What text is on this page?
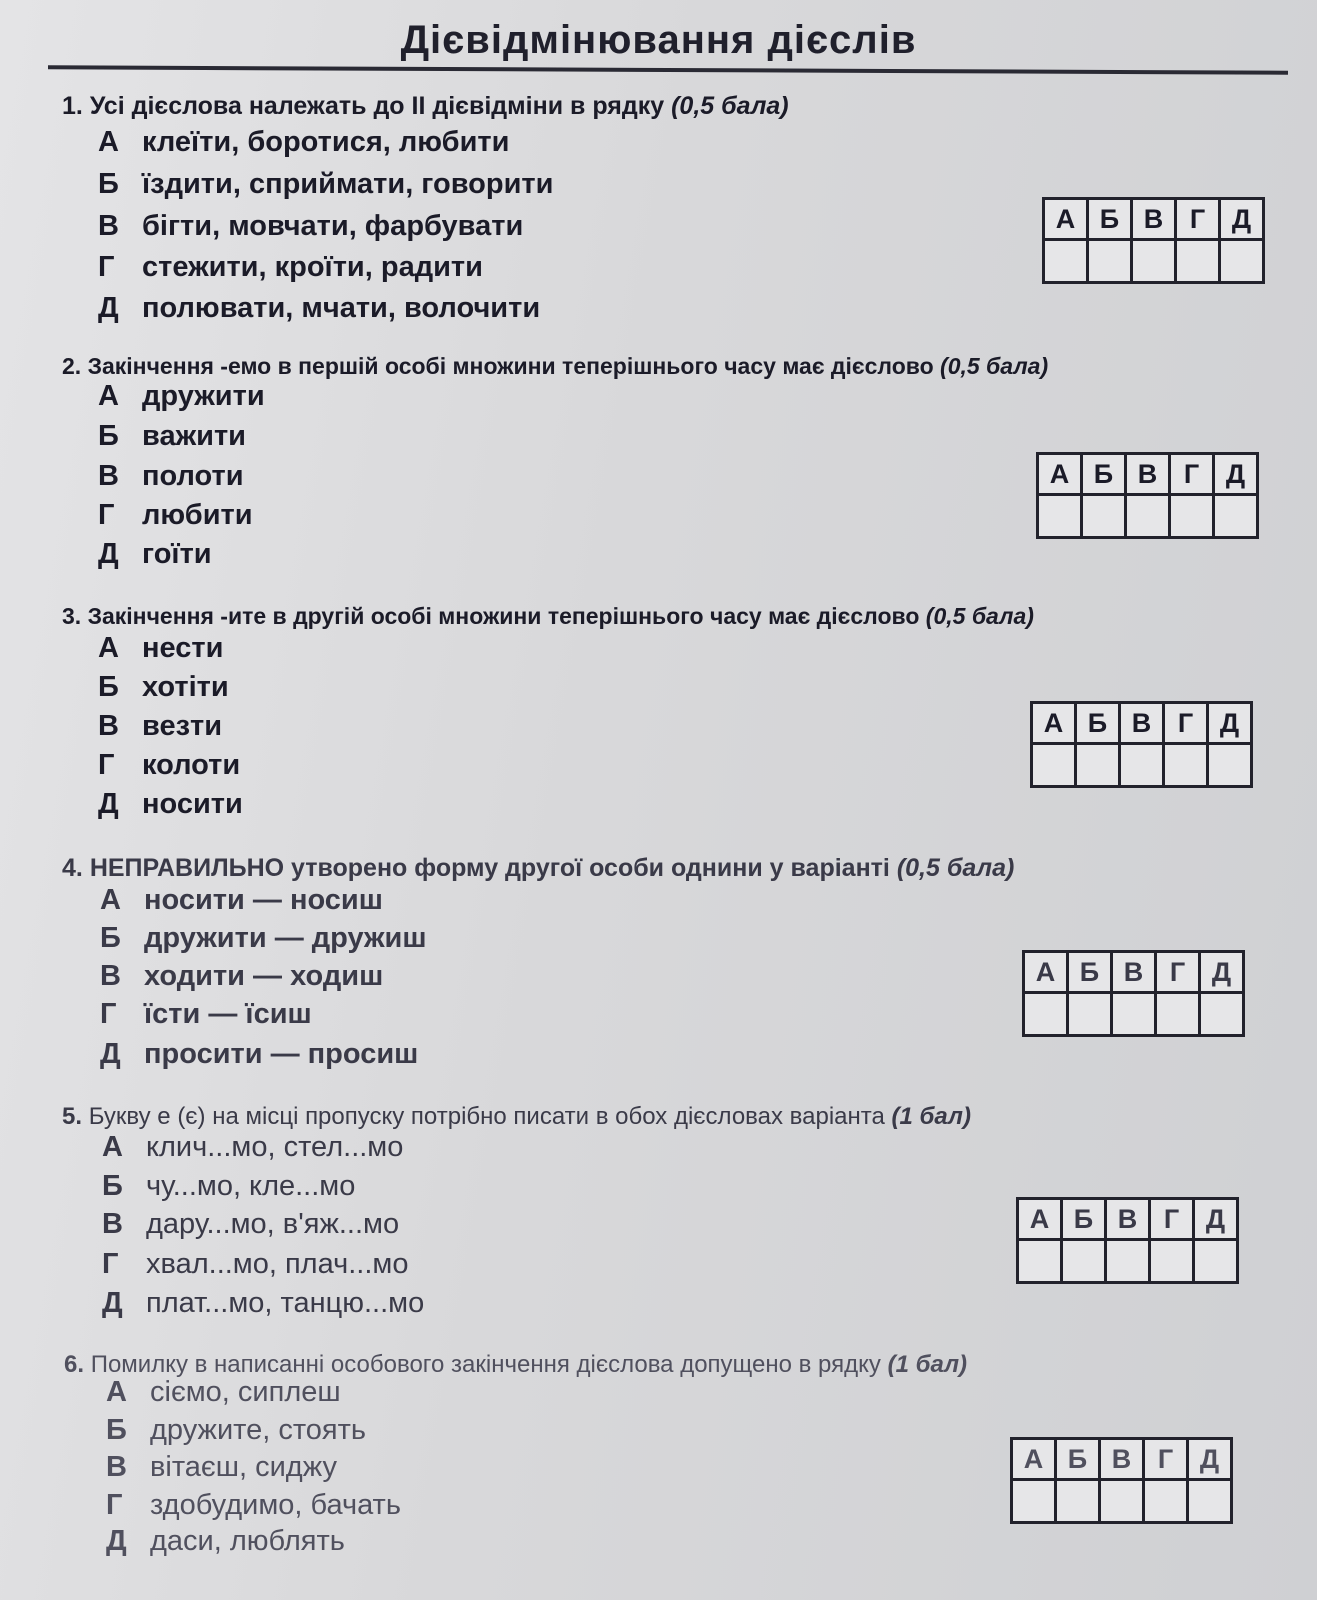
Дієвідмінювання дієслів
1. Усі дієслова належать до ІІ дієвідміни в рядку (0,5 бала)
А клеїти, боротися, любити
Б їздити, сприймати, говорити
В бігти, мовчати, фарбувати
Г стежити, кроїти, радити
Д полювати, мчати, волочити
А	Б	В	Г	Д

2. Закінчення -емо в першій особі множини теперішнього часу має дієслово (0,5 бала)
А дружити
Б важити
В полоти
Г любити
Д гоїти
А	Б	В	Г	Д

3. Закінчення -ите в другій особі множини теперішнього часу має дієслово (0,5 бала)
А нести
Б хотіти
В везти
Г колоти
Д носити
А	Б	В	Г	Д

4. НЕПРАВИЛЬНО утворено форму другої особи однини у варіанті (0,5 бала)
А носити — носиш
Б дружити — дружиш
В ходити — ходиш
Г їсти — їсиш
Д просити — просиш
А	Б	В	Г	Д

5. Букву е (є) на місці пропуску потрібно писати в обох дієсловах варіанта (1 бал)
А клич...мо, стел...мо
Б чу...мо, кле...мо
В дару...мо, в'яж...мо
Г хвал...мо, плач...мо
Д плат...мо, танцю...мо
А	Б	В	Г	Д

6. Помилку в написанні особового закінчення дієслова допущено в рядку (1 бал)
А сіємо, сиплеш
Б дружите, стоять
В вітаєш, сиджу
Г здобудимо, бачать
Д даси, люблять
А	Б	В	Г	Д
